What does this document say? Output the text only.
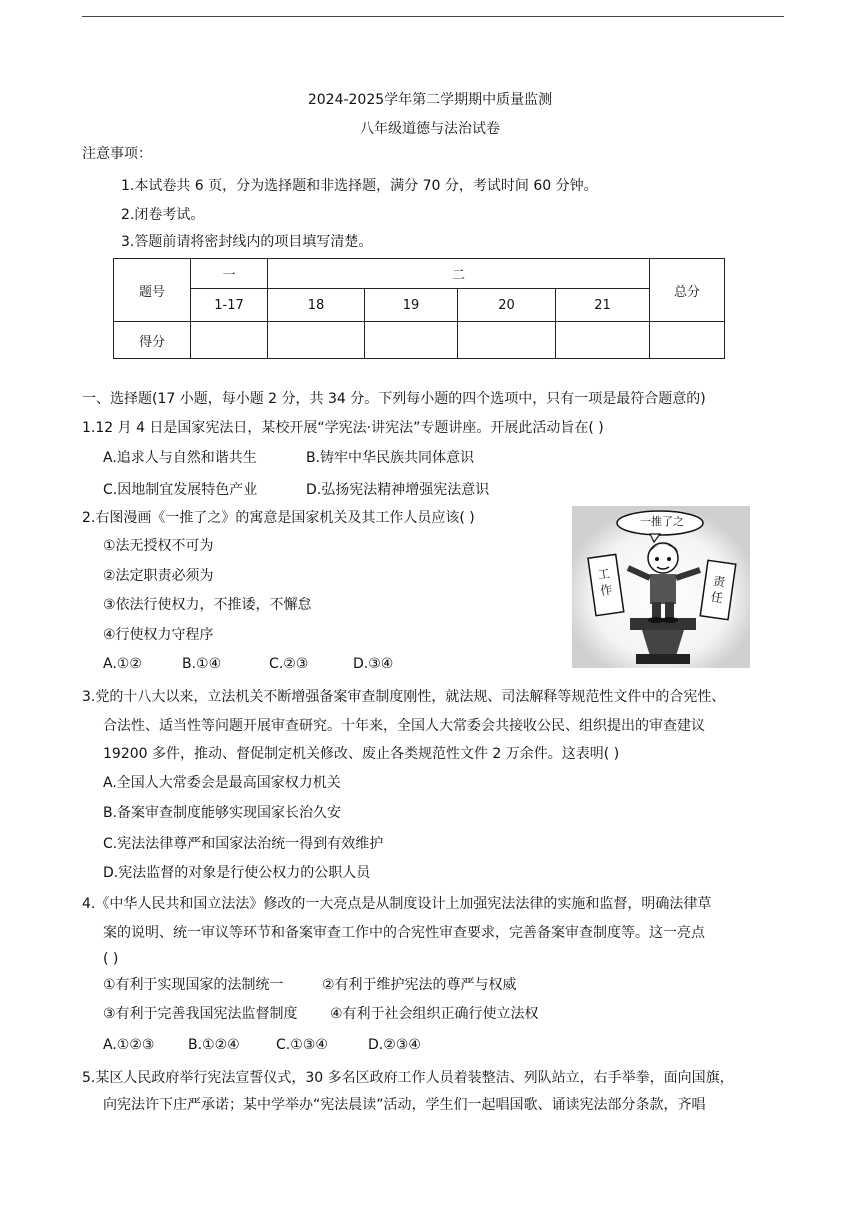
2024-2025学年第二学期期中质量监测
八年级道德与法治试卷
注意事项：
1.本试卷共 6 页，分为选择题和非选择题，满分 70 分，考试时间 60 分钟。
2.闭卷考试。
3.答题前请将密封线内的项目填写清楚。
题号	一	二				总分
	1-17	18	19	20	21	
得分						
一、选择题(17 小题，每小题 2 分，共 34 分。下列每小题的四个选项中，只有一项是最符合题意的)
1.12 月 4 日是国家宪法日，某校开展“学宪法·讲宪法”专题讲座。开展此活动旨在( )
A.追求人与自然和谐共生	B.铸牢中华民族共同体意识
C.因地制宜发展特色产业	D.弘扬宪法精神增强宪法意识
2.右图漫画《一推了之》的寓意是国家机关及其工作人员应该( )
①法无授权不可为
②法定职责必须为
③依法行使权力，不推诿，不懈怠
④行使权力守程序
A.①②	B.①④	C.②③	D.③④
一推了之
工作
责任
3.党的十八大以来，立法机关不断增强备案审查制度刚性，就法规、司法解释等规范性文件中的合宪性、
合法性、适当性等问题开展审查研究。十年来，全国人大常委会共接收公民、组织提出的审查建议
19200 多件，推动、督促制定机关修改、废止各类规范性文件 2 万余件。这表明( )
A.全国人大常委会是最高国家权力机关
B.备案审查制度能够实现国家长治久安
C.宪法法律尊严和国家法治统一得到有效维护
D.宪法监督的对象是行使公权力的公职人员
4.《中华人民共和国立法法》修改的一大亮点是从制度设计上加强宪法法律的实施和监督，明确法律草
案的说明、统一审议等环节和备案审查工作中的合宪性审查要求，完善备案审查制度等。这一亮点
( )
①有利于实现国家的法制统一	②有利于维护宪法的尊严与权威
③有利于完善我国宪法监督制度 ④有利于社会组织正确行使立法权
A.①②③ B.①②④	C.①③④	D.②③④
5.某区人民政府举行宪法宣誓仪式，30 多名区政府工作人员着装整洁、列队站立，右手举拳，面向国旗，
向宪法许下庄严承诺；某中学举办“宪法晨读”活动，学生们一起唱国歌、诵读宪法部分条款，齐唱
